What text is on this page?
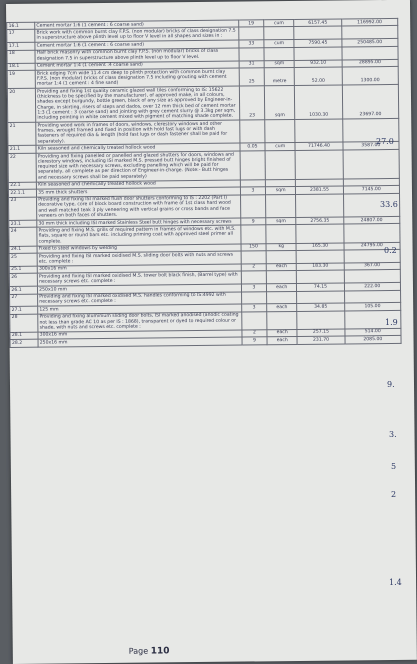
16.1	Cement mortar 1:6 (1 cement : 6 coarse sand)	19	cum	6157.45	116992.00
17	Brick work with common burnt clay F.P.S. (non modular) bricks of class designation 7.5 in superstructure above plinth level up to floor V level in all shapes and sizes in :				
17.1	Cement mortar 1:6 (1 cement : 6 coarse sand)	33	cum	7590.45	250485.00
18	Half brick masonry with common burnt clay F.P.S. (non modular) bricks of class designation 7.5 in superstructure above plinth level up to floor V level.				
18.1	Cement mortar 1:4 (1 cement :4 coarse sand)	31	sqm	932.10	28895.00
19	Brick edging 7cm wide 11.4 cm deep to plinth protection with common burnt clay F.P.S. (non modular) bricks of class designation 7.5 including grouting with cement mortar 1:4 (1 cement : 4 fine sand)	25	metre	52.00	1300.00
20	Providing and fixing 1st quality ceramic glazed wall tiles conforming to IS: 15622 (thickness to be specified by the manufacturer), of approved make, in all colours, shades except burgundy, bottle green, black of any size as approved by Engineer-in-Charge, in skirting, risers of steps and dados, over 12 mm thick bed of cement mortar 1:3 (1 cement : 3 coarse sand) and jointing with grey cement slurry @ 3.3kg per sqm, including pointing in white cement mixed with pigment of matching shade complete.	23	sqm	1030.30	23697.00
21	Providing wood work in frames of doors, windows, clerestory windows and other frames, wrought framed and fixed in position with hold fast lugs or with dash fasteners of required dia & length (hold fast lugs or dash fastener shall be paid for separately).				
21.1	Kiln seasoned and chemically treated hollock wood	0.05	cum	71746.40	3587.00
22	Providing and fixing panelled or panelled and glazed shutters for doors, windows and clerestory windows, including ISI marked M.S. pressed butt hinges bright finished of required size with necessary screws, excluding panelling which will be paid for separately, all complete as per direction of Engineer-in-charge. (Note:- Butt hinges and necessary screws shall be paid separately)				
22.1	Kiln seasoned and chemically treated hollock wood				
22.1.1	35 mm thick shutters	3	sqm	2381.55	7145.00
23	Providing and fixing ISI marked flush door shutters conforming to IS : 2202 (Part I) decorative type, core of block board construction with frame of 1st class hard wood and well matched teak 3 ply veneering with vertical grains or cross bands and face veneers on both faces of shutters.				
23.1	30 mm thick including ISI marked Stainless Steel butt hinges with necessary screws	9	sqm	2756.35	24807.00
24	Providing and fixing M.S. grills of required pattern in frames of windows etc. with M.S. flats, square or round bars etc. including priming coat with approved steel primer all complete.				
24.1	Fixed to steel windows by welding	150	kg	165.30	24795.00
25	Providing and fixing ISI marked oxidised M.S. sliding door bolts with nuts and screws etc. complete :				
25.1	300x16 mm	2	each	183.30	367.00
26	Providing and fixing ISI marked oxidised M.S. tower bolt black finish, (Barrel type) with necessary screws etc. complete :				
26.1	250x10 mm	3	each	74.15	222.00
27	Providing and fixing ISI marked oxidised M.S. handles conforming to IS:4992 with necessary screws etc. complete :				
27.1	125 mm	3	each	34.85	105.00
28	Providing and fixing aluminium sliding door bolts, ISI marked anodised (anodic coating not less than grade AC 10 as per IS : 1868), transparent or dyed to required colour or shade, with nuts and screws etc. complete :				
28.1	300x16 mm	2	each	257.15	514.00
28.2	250x16 mm	9	each	231.70	2085.00
Page 110
27.0
33.6
0.2
1.9
9.
3.
5
2
1.4
